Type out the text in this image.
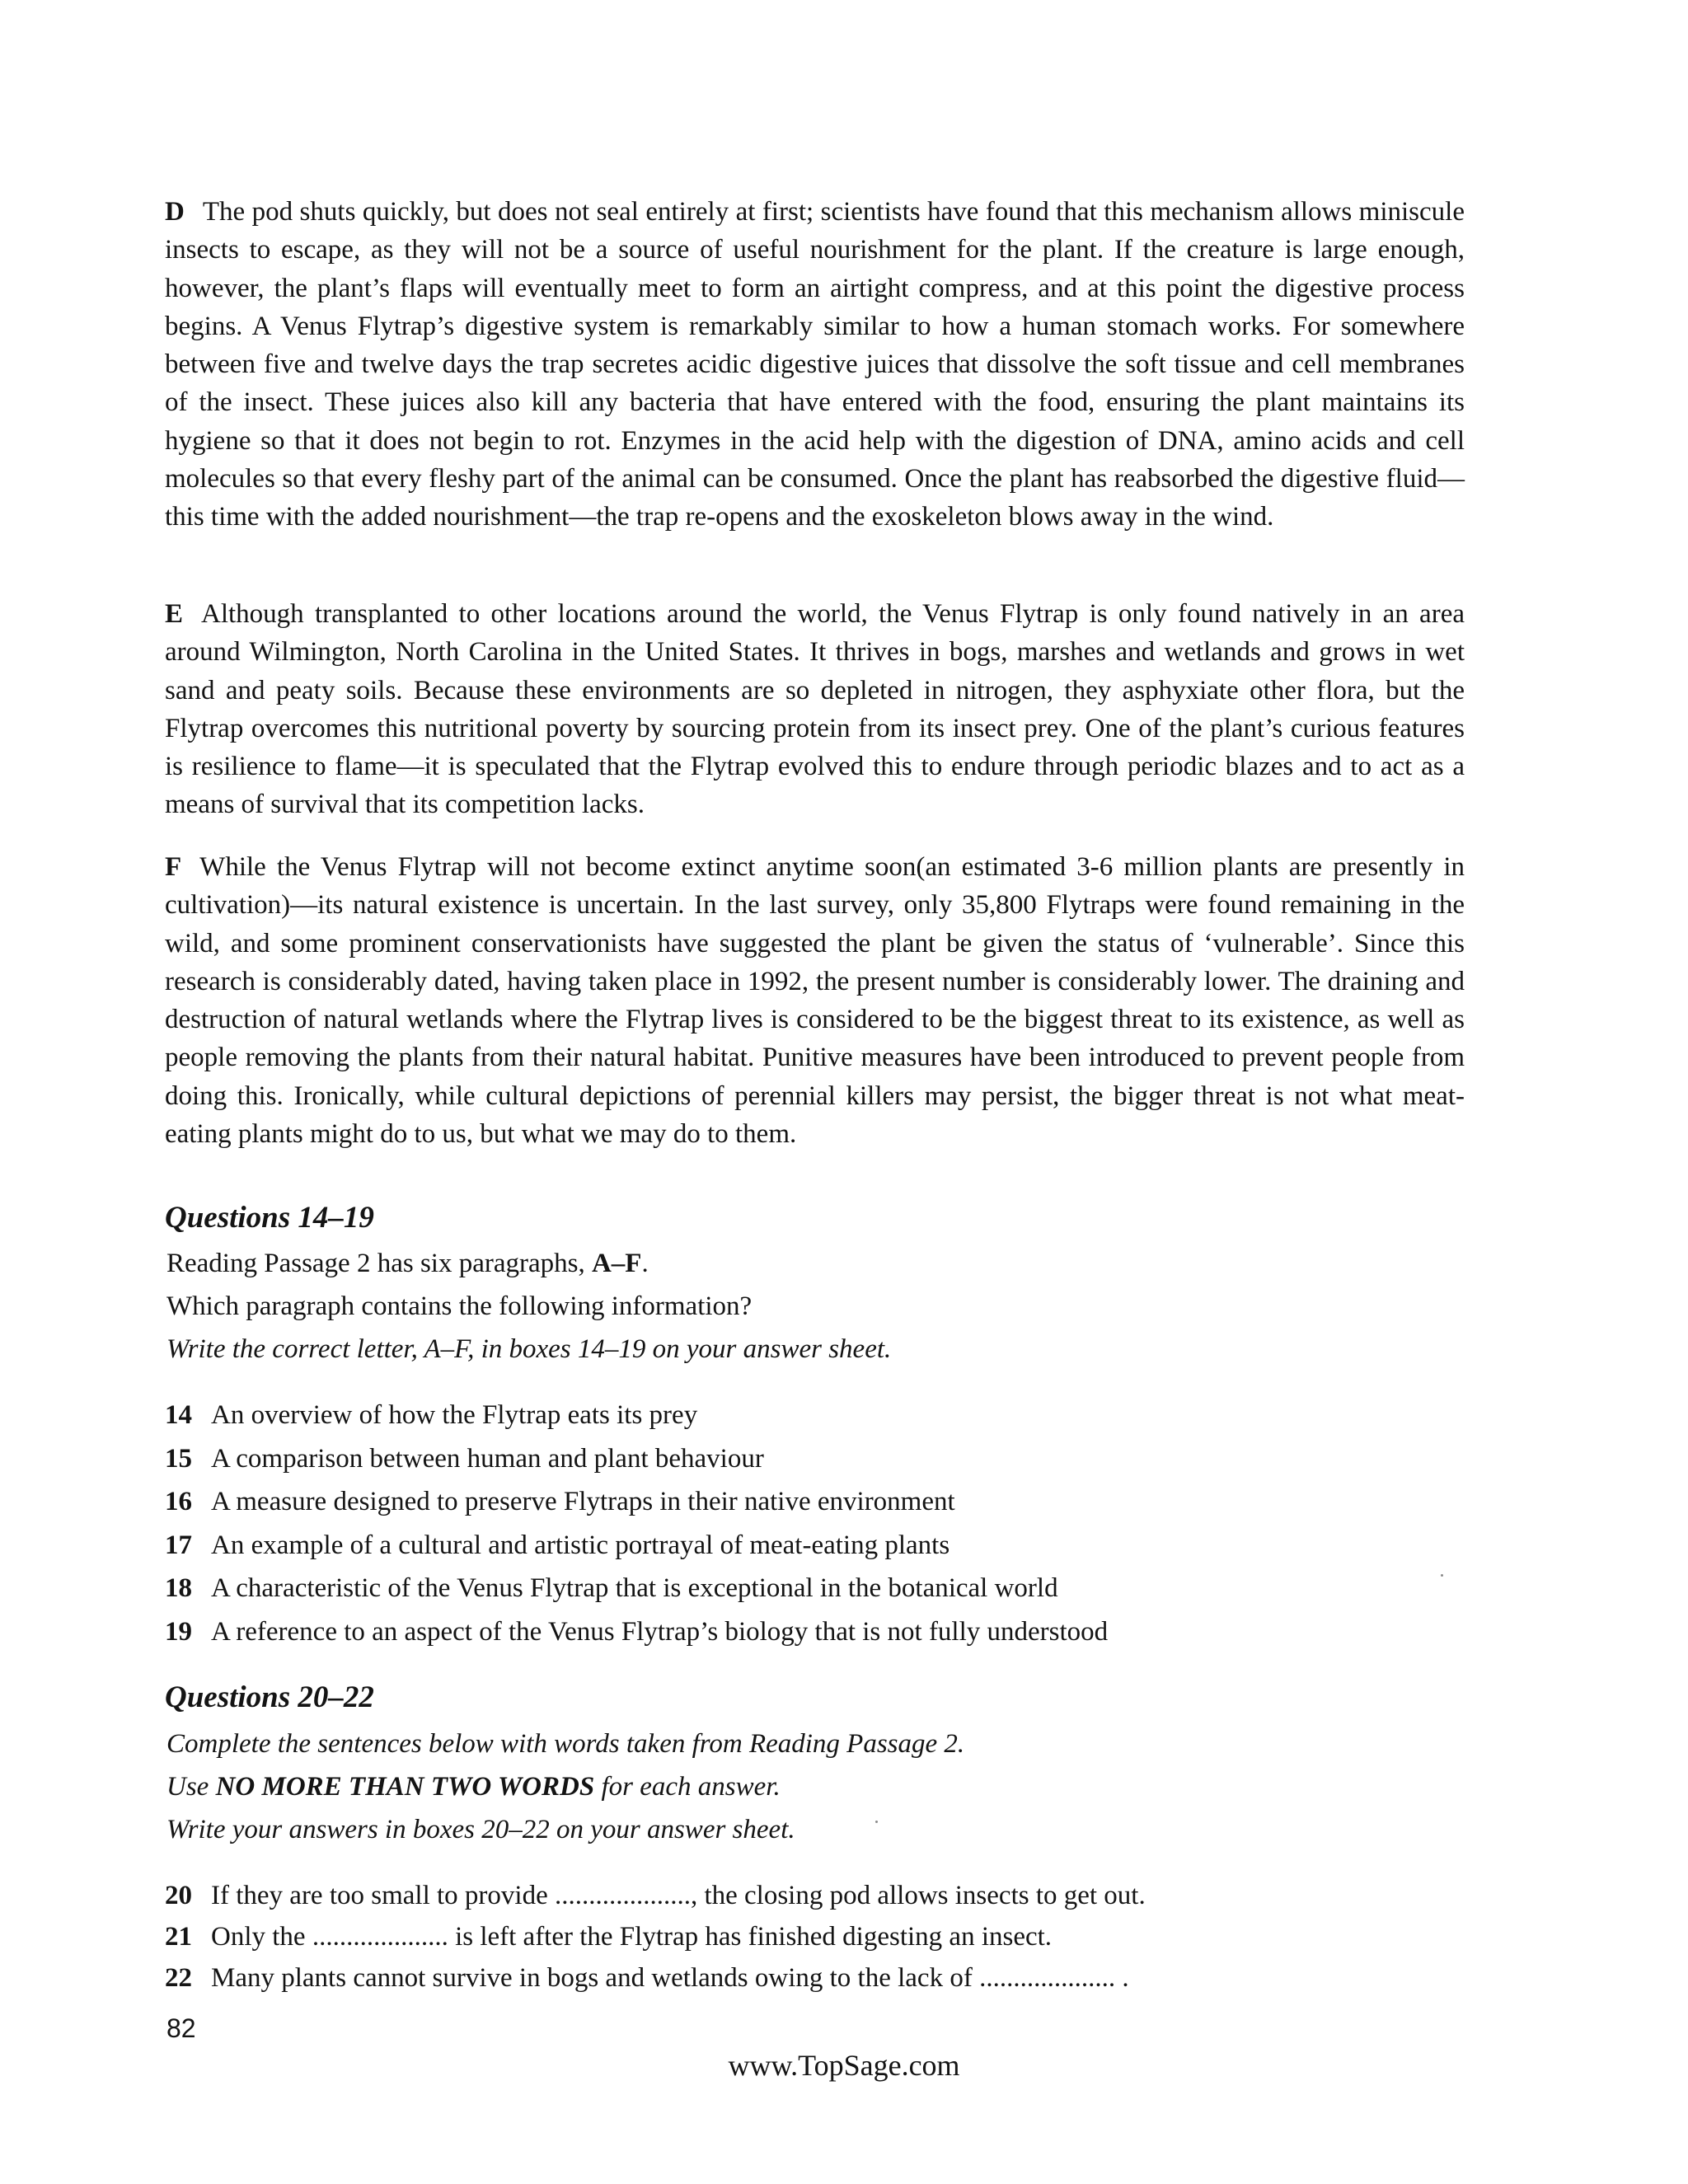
D The pod shuts quickly, but does not seal entirely at first; scientists have found that this mechanism allows miniscule insects to escape, as they will not be a source of useful nourishment for the plant. If the creature is large enough, however, the plant’s flaps will eventually meet to form an airtight compress, and at this point the digestive process begins. A Venus Flytrap’s digestive system is remarkably similar to how a human stomach works. For somewhere between five and twelve days the trap secretes acidic digestive juices that dissolve the soft tissue and cell membranes of the insect. These juices also kill any bacteria that have entered with the food, ensuring the plant maintains its hygiene so that it does not begin to rot. Enzymes in the acid help with the digestion of DNA, amino acids and cell molecules so that every fleshy part of the animal can be consumed. Once the plant has reabsorbed the digestive fluid—this time with the added nourishment—the trap re-opens and the exoskeleton blows away in the wind.

E Although transplanted to other locations around the world, the Venus Flytrap is only found natively in an area around Wilmington, North Carolina in the United States. It thrives in bogs, marshes and wetlands and grows in wet sand and peaty soils. Because these environments are so depleted in nitrogen, they asphyxiate other flora, but the Flytrap overcomes this nutritional poverty by sourcing protein from its insect prey. One of the plant’s curious features is resilience to flame—it is speculated that the Flytrap evolved this to endure through periodic blazes and to act as a means of survival that its competition lacks.

F While the Venus Flytrap will not become extinct anytime soon(an estimated 3-6 million plants are presently in cultivation)—its natural existence is uncertain. In the last survey, only 35,800 Flytraps were found remaining in the wild, and some prominent conservationists have suggested the plant be given the status of ‘vulnerable’. Since this research is considerably dated, having taken place in 1992, the present number is considerably lower. The draining and destruction of natural wetlands where the Flytrap lives is considered to be the biggest threat to its existence, as well as people removing the plants from their natural habitat. Punitive measures have been introduced to prevent people from doing this. Ironically, while cultural depictions of perennial killers may persist, the bigger threat is not what meat-eating plants might do to us, but what we may do to them.

Questions 14–19
Reading Passage 2 has six paragraphs, A–F.
Which paragraph contains the following information?
Write the correct letter, A–F, in boxes 14–19 on your answer sheet.
14 An overview of how the Flytrap eats its prey
15 A comparison between human and plant behaviour
16 A measure designed to preserve Flytraps in their native environment
17 An example of a cultural and artistic portrayal of meat-eating plants
18 A characteristic of the Venus Flytrap that is exceptional in the botanical world
19 A reference to an aspect of the Venus Flytrap’s biology that is not fully understood
Questions 20–22
Complete the sentences below with words taken from Reading Passage 2.
Use NO MORE THAN TWO WORDS for each answer.
Write your answers in boxes 20–22 on your answer sheet.
20 If they are too small to provide ...................., the closing pod allows insects to get out.
21 Only the .................... is left after the Flytrap has finished digesting an insect.
22 Many plants cannot survive in bogs and wetlands owing to the lack of .................... .
82
www.TopSage.com
